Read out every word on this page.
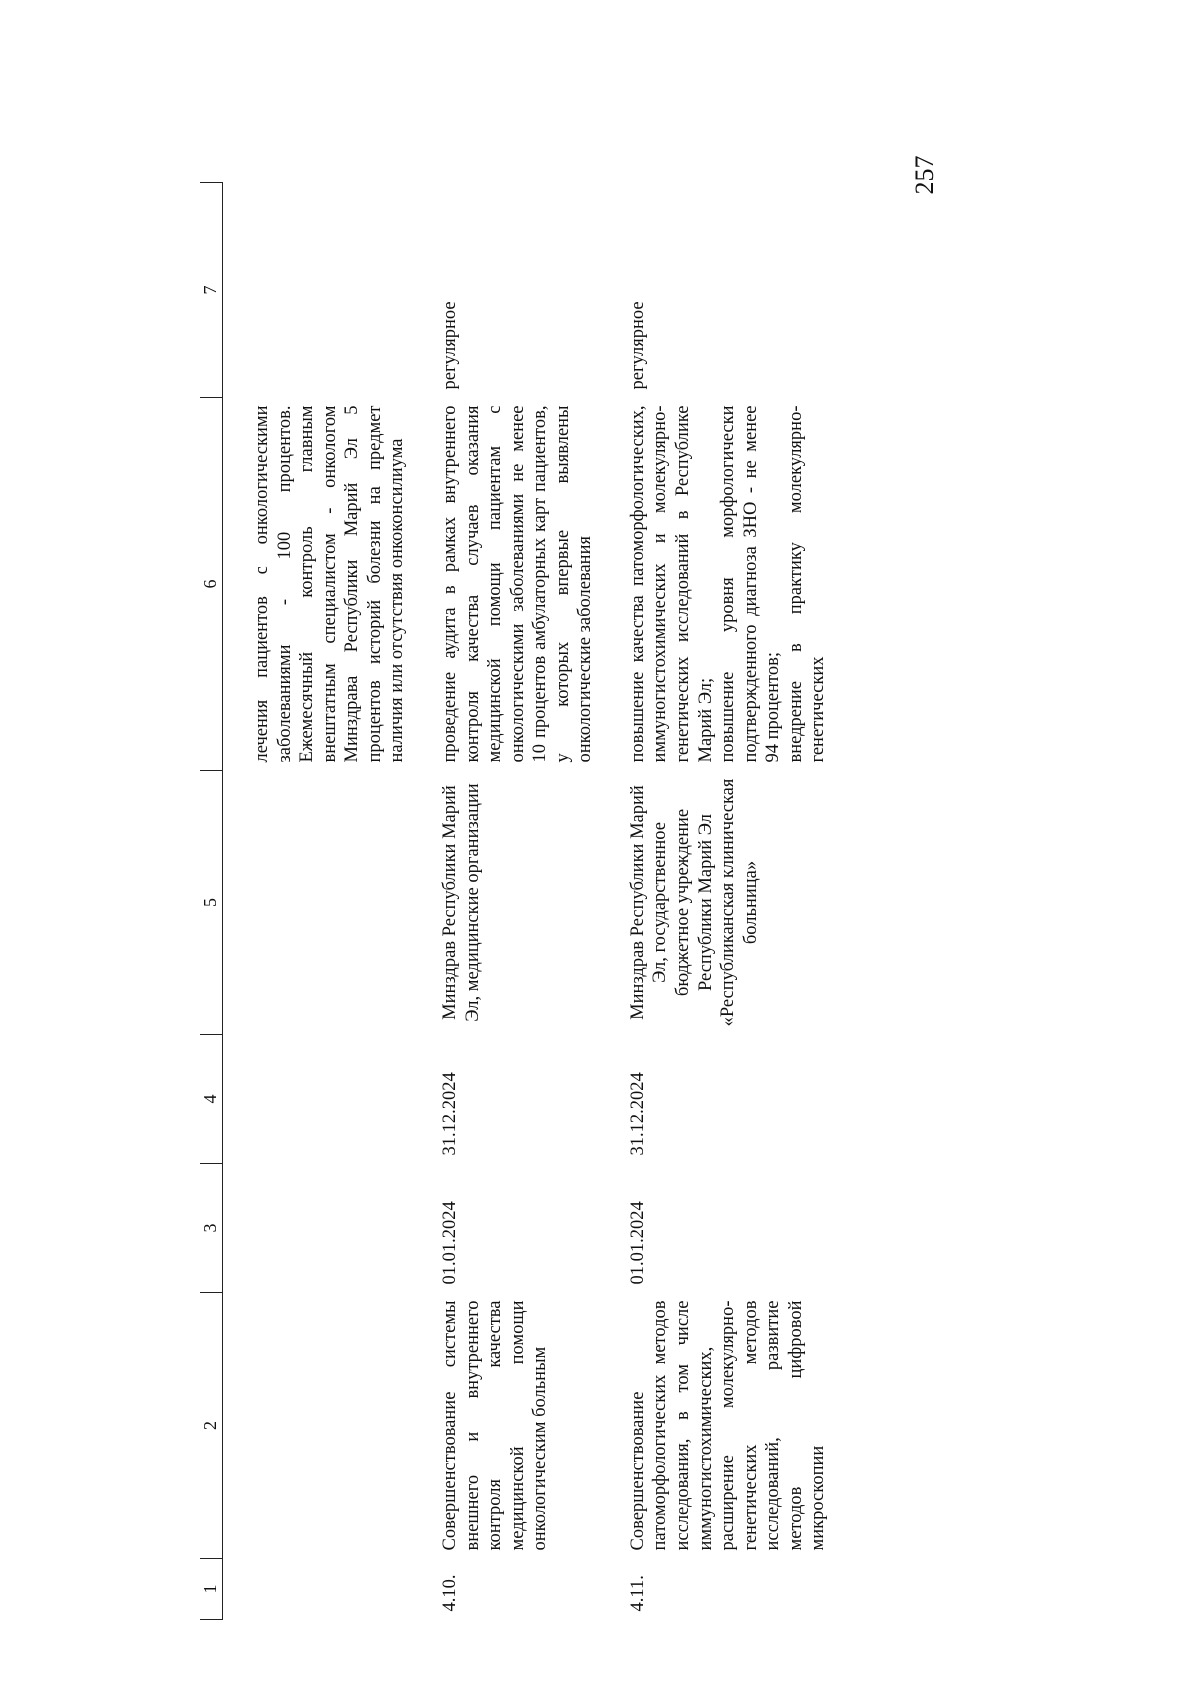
257
1	2	3	4	5	6	7

					лечения пациентов с онкологическими заболеваниями - 100 процентов. Ежемесячный контроль главным внештатным специалистом - онкологом Минздрава Республики Марий Эл 5 процентов историй болезни на предмет наличия или отсутствия онкоконсилиума	
4.10.	Совершенствование системы внешнего и внутреннего контроля качества медицинской помощи онкологическим больным	01.01.2024	31.12.2024	Минздрав Республики Марий Эл, медицинские организации	проведение аудита в рамках внутреннего контроля качества случаев оказания медицинской помощи пациентам с онкологическими заболеваниями не менее 10 процентов амбулаторных карт пациентов, у которых впервые выявлены онкологические заболевания	регулярное
4.11.	Совершенствование патоморфологических методов исследования, в том числе иммуногистохимических, расширение молекулярно-генетических методов исследований, развитие методов цифровой микроскопии	01.01.2024	31.12.2024	Минздрав Республики Марий Эл, государственное бюджетное учреждение Республики Марий Эл «Республиканская клиническая больница»	повышение качества патоморфологических, иммуногистохимических и молекулярно-генетических исследований в Республике Марий Эл; повышение уровня морфологически подтвержденного диагноза ЗНО - не менее 94 процентов; внедрение в практику молекулярно-генетических	регулярное
